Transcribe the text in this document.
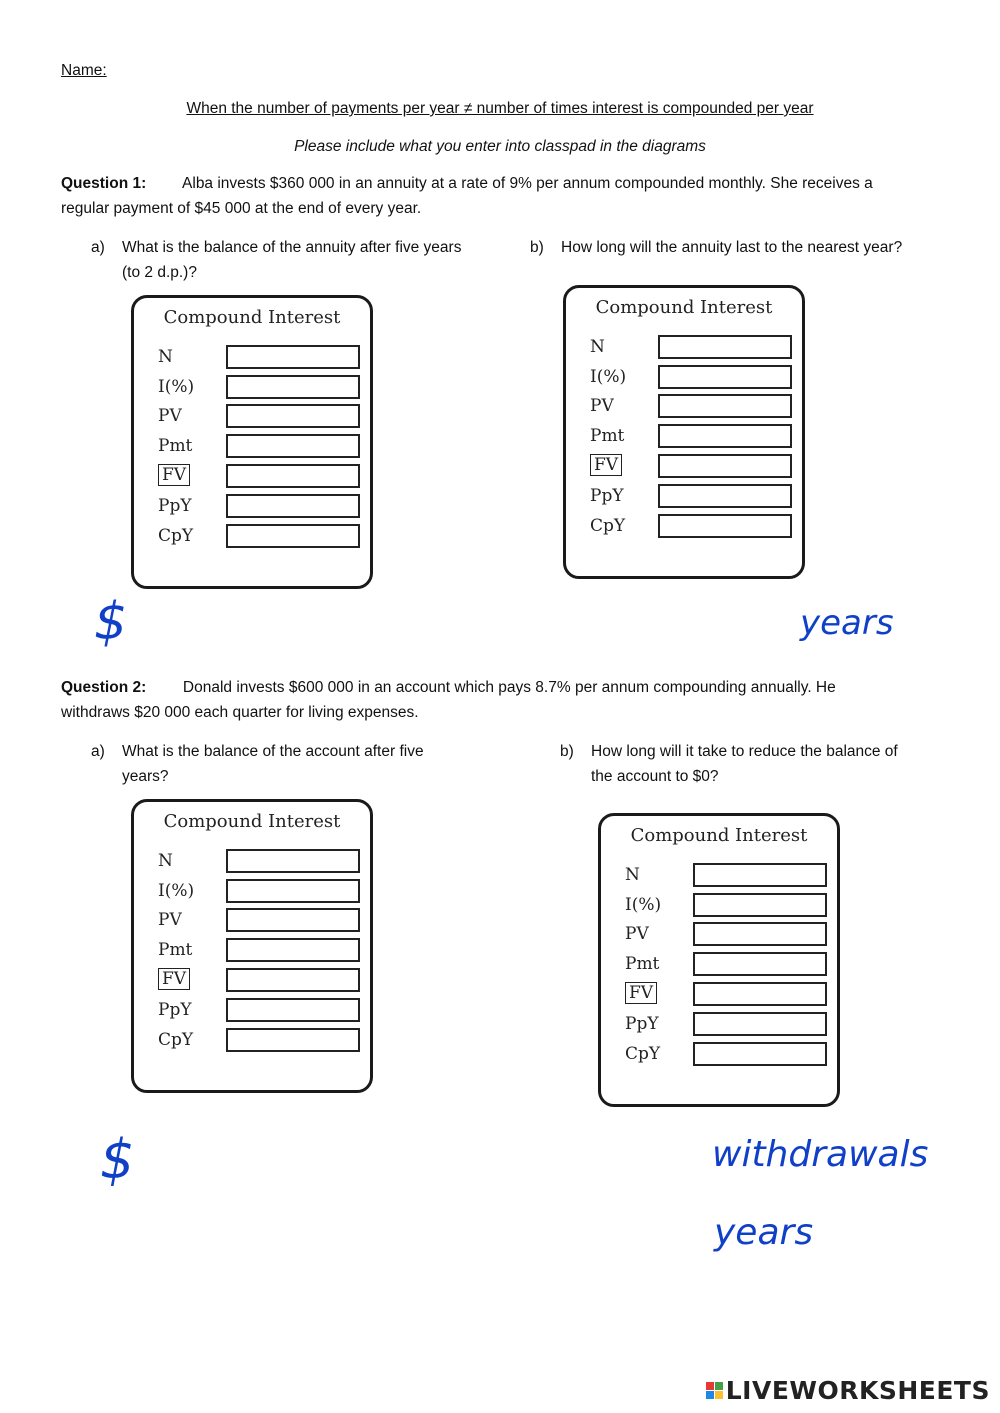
Name:
When the number of payments per year ≠ number of times interest is compounded per year
Please include what you enter into classpad in the diagrams
Question 1: Alba invests $360 000 in an annuity at a rate of 9% per annum compounded monthly. She receives a
regular payment of $45 000 at the end of every year.
a) What is the balance of the annuity after five years
(to 2 d.p.)?
b) How long will the annuity last to the nearest year?
Compound Interest
N
I(%)
PV
Pmt
FV
PpY
CpY
Compound Interest
N
I(%)
PV
Pmt
FV
PpY
CpY
$	years
Question 2: Donald invests $600 000 in an account which pays 8.7% per annum compounding annually. He
withdraws $20 000 each quarter for living expenses.
a) What is the balance of the account after five
years?
b) How long will it take to reduce the balance of
the account to $0?
Compound Interest
N
I(%)
PV
Pmt
FV
PpY
CpY
Compound Interest
N
I(%)
PV
Pmt
FV
PpY
CpY
$	withdrawals
years
LIVEWORKSHEETS
